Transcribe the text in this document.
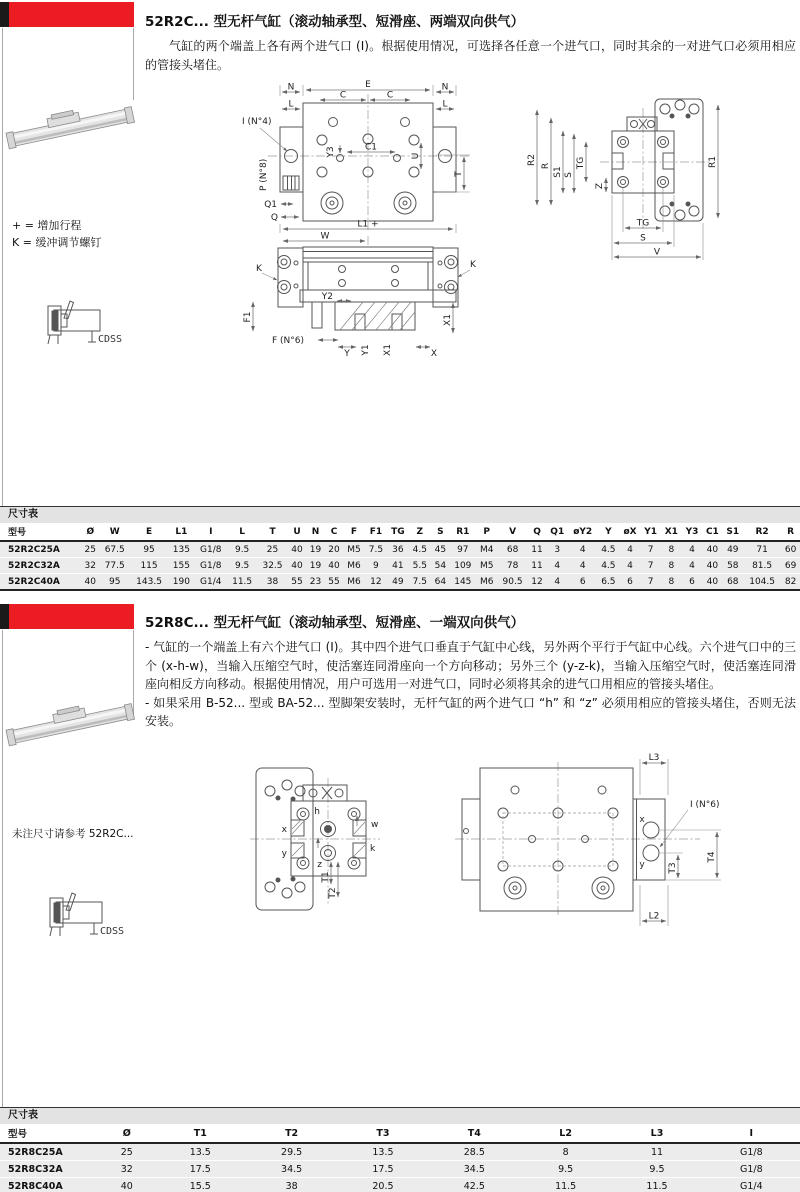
52R2C... 型无杆气缸（滚动轴承型、短滑座、两端双向供气）

气缸的两个端盖上各有两个进气口 (I)。根据使用情况，可选择各任意一个进气口，同时其余的一对进气口必须用相应的管接头堵住。

+ = 增加行程
K = 缓冲调节螺钉
CDSS
E
N	N
C	C
L	L
I (N°4)
P (N°8)
Y3	C1
U
T
Q1
Q
L1 +
W
K	K
Y2
F1
F (N°6)
Y Y1 X1	X
X1
R2
R
S1 S
TG
Z
R1
TG
S
V
尺寸表
型号	Ø	W	E	L1	I	L	T	U	N	C	F	F1	TG	Z	S	R1	P	V	Q	Q1	øY2	Y	øX	Y1	X1	Y3	C1	S1	R2	R
52R2C25A	25	67.5	95	135	G1/8	9.5	25	40	19	20	M5	7.5	36	4.5	45	97	M4	68	11	3	4	4.5	4	7	8	4	40	49	71	60
52R2C32A	32	77.5	115	155	G1/8	9.5	32.5	40	19	40	M6	9	41	5.5	54	109	M5	78	11	4	4	4.5	4	7	8	4	40	58	81.5	69
52R2C40A	40	95	143.5	190	G1/4	11.5	38	55	23	55	M6	12	49	7.5	64	145	M6	90.5	12	4	6	6.5	6	7	8	6	40	68	104.5	82
52R8C... 型无杆气缸（滚动轴承型、短滑座、一端双向供气）

- 气缸的一个端盖上有六个进气口 (I)。其中四个进气口垂直于气缸中心线，另外两个平行于气缸中心线。六个进气口中的三个 (x-h-w)，当输入压缩空气时，使活塞连同滑座向一个方向移动；另外三个 (y-z-k)，当输入压缩空气时，使活塞连同滑座向相反方向移动。根据使用情况，用户可选用一对进气口，同时必须将其余的进气口用相应的管接头堵住。

- 如果采用 B-52... 型或 BA-52... 型脚架安装时，无杆气缸的两个进气口 “h” 和 “z” 必须用相应的管接头堵住，否则无法安装。

未注尺寸请参考 52R2C...
CDSS
h
x	w
y
z
k
T1
T2
x
y
I (N°6)
L3
L2
T3
T4
尺寸表
型号	Ø	T1	T2	T3	T4	L2	L3	I
52R8C25A	25	13.5	29.5	13.5	28.5	8	11	G1/8
52R8C32A	32	17.5	34.5	17.5	34.5	9.5	9.5	G1/8
52R8C40A	40	15.5	38	20.5	42.5	11.5	11.5	G1/4
